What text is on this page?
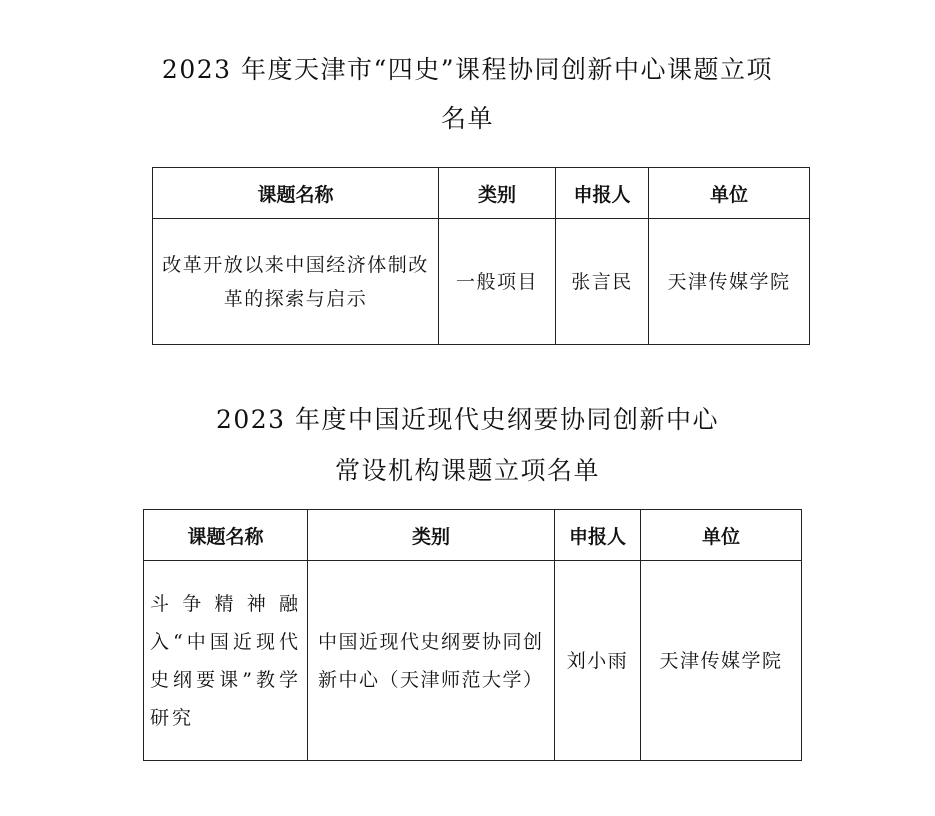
2023 年度天津市“四史”课程协同创新中心课题立项
名单
课题名称	类别	申报人	单位
改革开放以来中国经济体制改革的探索与启示	一般项目	张言民	天津传媒学院
2023 年度中国近现代史纲要协同创新中心
常设机构课题立项名单
课题名称	类别	申报人	单位
斗争精神融入“中国近现代史纲要课”教学研究	中国近现代史纲要协同创新中心（天津师范大学）	刘小雨	天津传媒学院
